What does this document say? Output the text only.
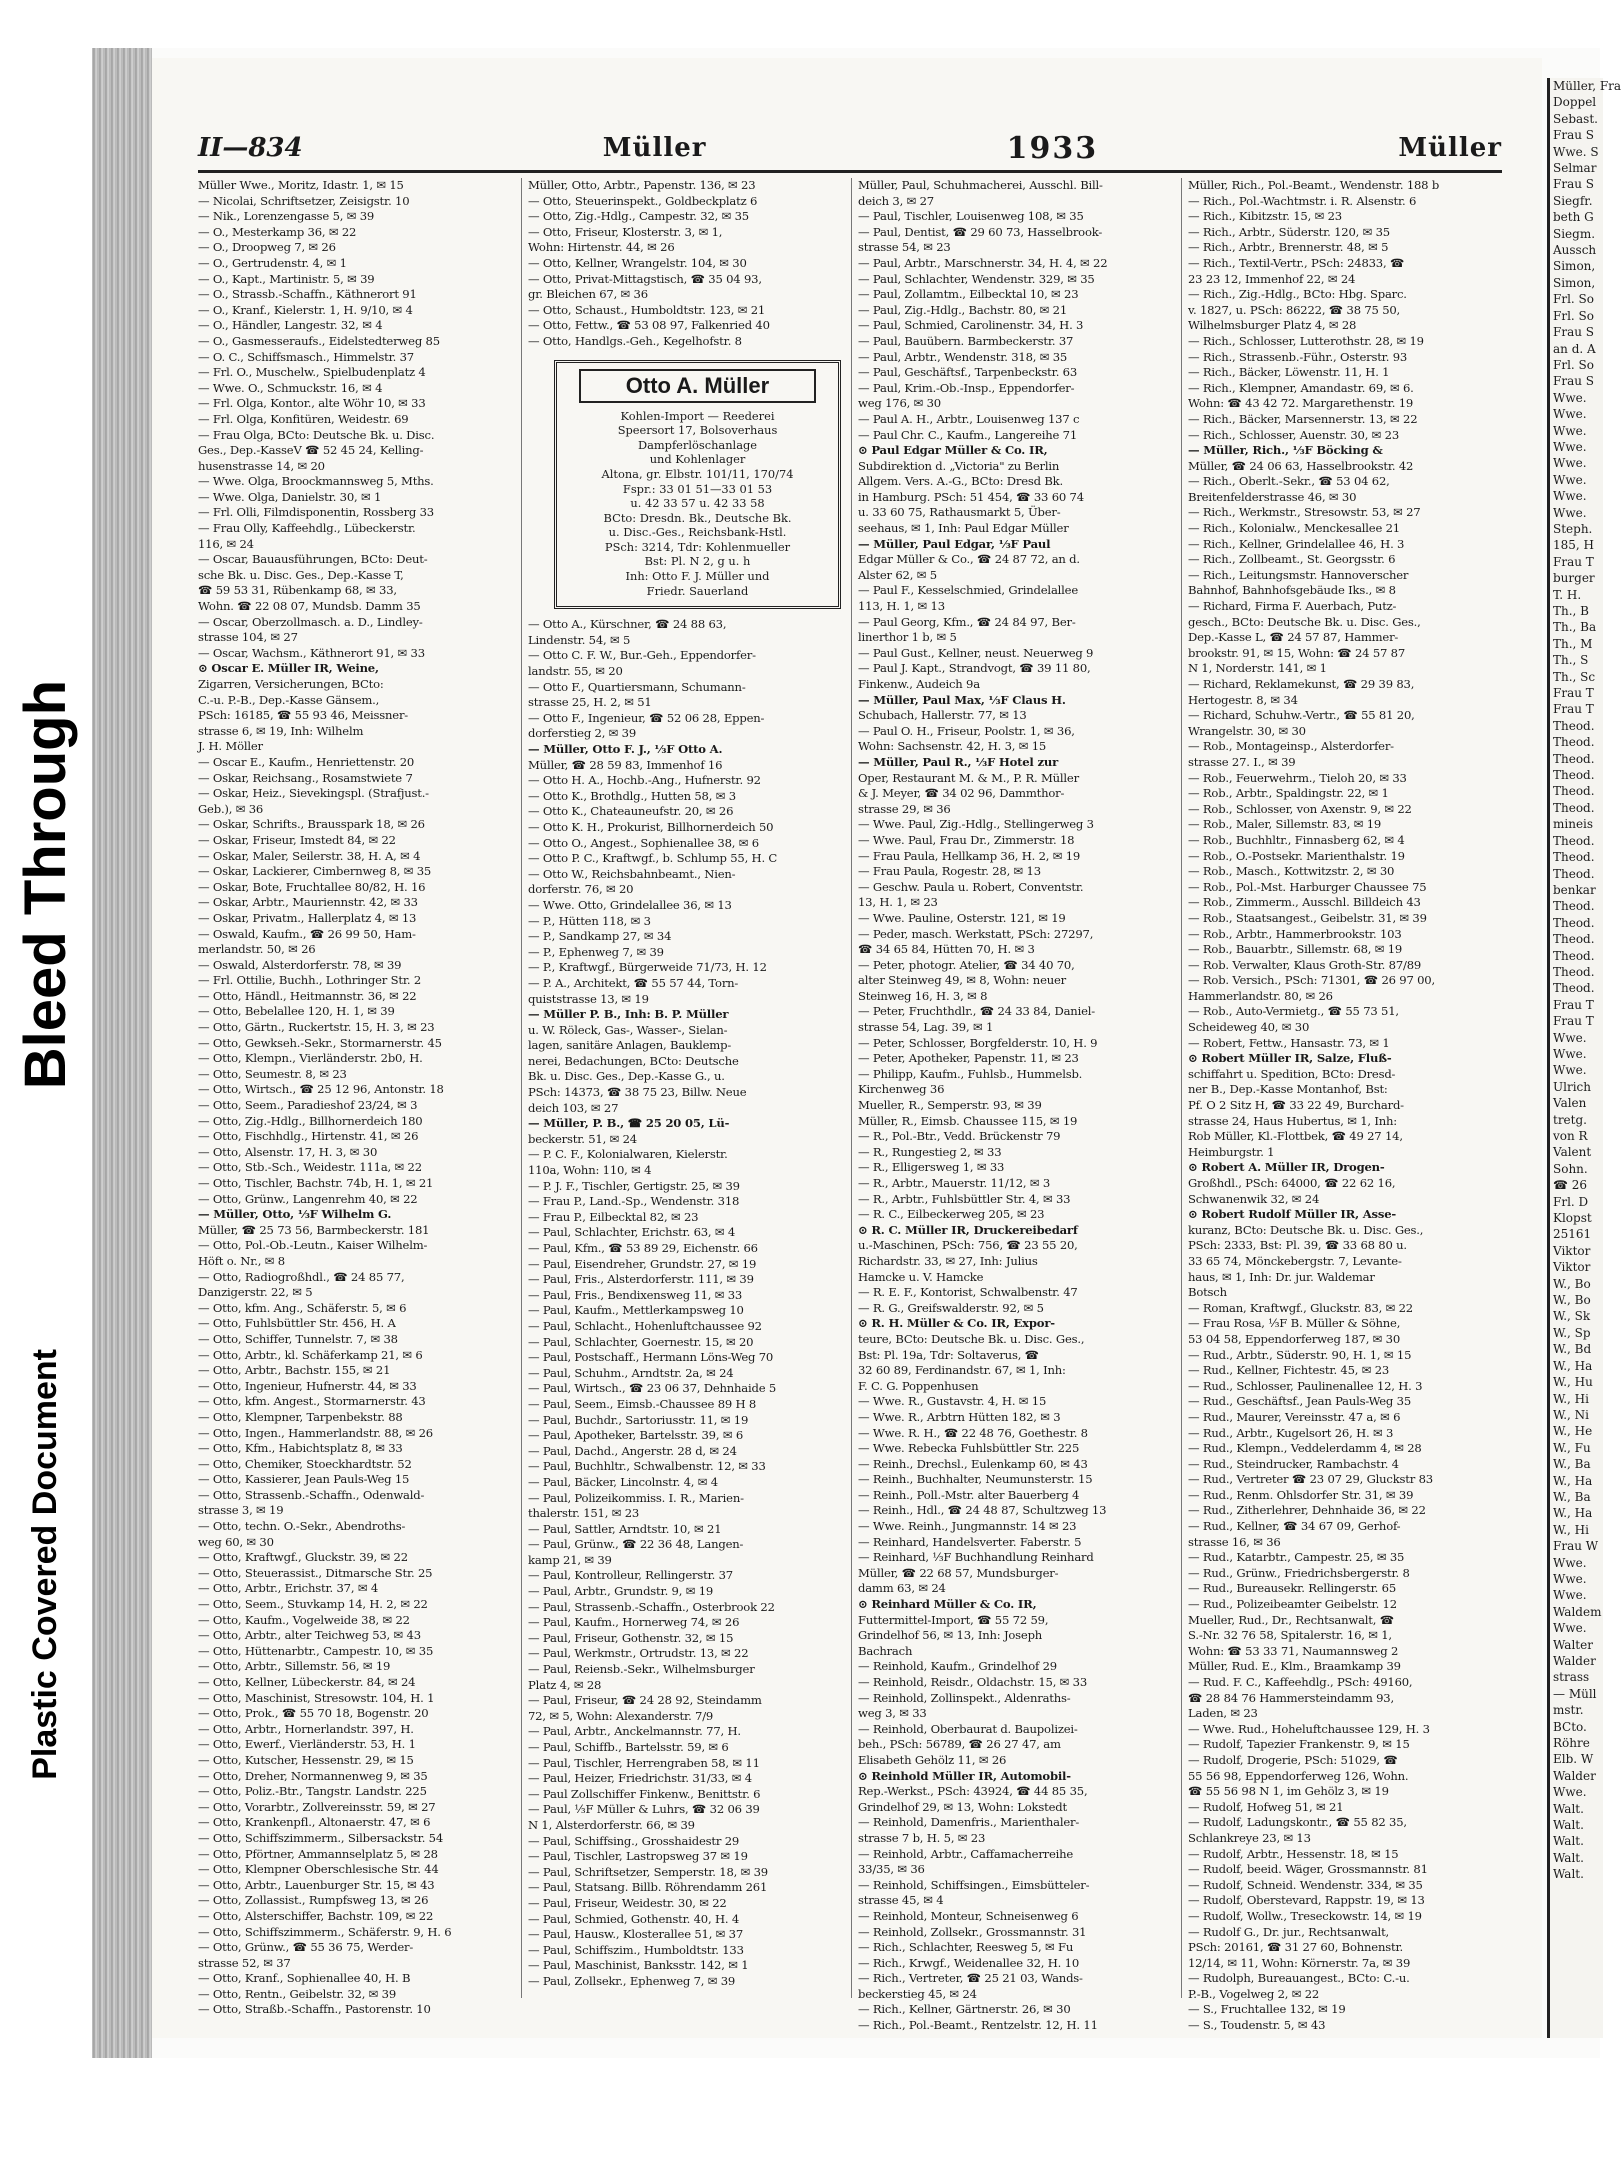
Bleed Through
Plastic Covered Document
II—834	Müller	1933	Müller
Müller Wwe., Moritz, Idastr. 1, ✉ 15
— Nicolai, Schriftsetzer, Zeisigstr. 10
— Nik., Lorenzengasse 5, ✉ 39
— O., Mesterkamp 36, ✉ 22
— O., Droopweg 7, ✉ 26
— O., Gertrudenstr. 4, ✉ 1
— O., Kapt., Martinistr. 5, ✉ 39
— O., Strassb.-Schaffn., Käthnerort 91
— O., Kranf., Kielerstr. 1, H. 9/10, ✉ 4
— O., Händler, Langestr. 32, ✉ 4
— O., Gasmesseraufs., Eidelstedterweg 85
— O. C., Schiffsmasch., Himmelstr. 37
— Frl. O., Muschelw., Spielbudenplatz 4
— Wwe. O., Schmuckstr. 16, ✉ 4
— Frl. Olga, Kontor., alte Wöhr 10, ✉ 33
— Frl. Olga, Konfitüren, Weidestr. 69
— Frau Olga, BCto: Deutsche Bk. u. Disc.
Ges., Dep.-KasseV ☎ 52 45 24, Kelling-
husenstrasse 14, ✉ 20
— Wwe. Olga, Broockmannsweg 5, Mths.
— Wwe. Olga, Danielstr. 30, ✉ 1
— Frl. Olli, Filmdisponentin, Rossberg 33
— Frau Olly, Kaffeehdlg., Lübeckerstr.
116, ✉ 24
— Oscar, Bauausführungen, BCto: Deut-
sche Bk. u. Disc. Ges., Dep.-Kasse T,
☎ 59 53 31, Rübenkamp 68, ✉ 33,
Wohn. ☎ 22 08 07, Mundsb. Damm 35
— Oscar, Oberzollmasch. a. D., Lindley-
strasse 104, ✉ 27
— Oscar, Wachsm., Käthnerort 91, ✉ 33
⊙ Oscar E. Müller IR, Weine,
Zigarren, Versicherungen, BCto:
C.-u. P.-B., Dep.-Kasse Gänsem.,
PSch: 16185, ☎ 55 93 46, Meissner-
strasse 6, ✉ 19, Inh: Wilhelm
J. H. Möller
— Oscar E., Kaufm., Henriettenstr. 20
— Oskar, Reichsang., Rosamstwiete 7
— Oskar, Heiz., Sievekingspl. (Strafjust.-
Geb.), ✉ 36
— Oskar, Schrifts., Brausspark 18, ✉ 26
— Oskar, Friseur, Imstedt 84, ✉ 22
— Oskar, Maler, Seilerstr. 38, H. A, ✉ 4
— Oskar, Lackierer, Cimbernweg 8, ✉ 35
— Oskar, Bote, Fruchtallee 80/82, H. 16
— Oskar, Arbtr., Mauriennstr. 42, ✉ 33
— Oskar, Privatm., Hallerplatz 4, ✉ 13
— Oswald, Kaufm., ☎ 26 99 50, Ham-
merlandstr. 50, ✉ 26
— Oswald, Alsterdorferstr. 78, ✉ 39
— Frl. Ottilie, Buchh., Lothringer Str. 2
— Otto, Händl., Heitmannstr. 36, ✉ 22
— Otto, Bebelallee 120, H. 1, ✉ 39
— Otto, Gärtn., Ruckertstr. 15, H. 3, ✉ 23
— Otto, Gewkseh.-Sekr., Stormarnerstr. 45
— Otto, Klempn., Vierländerstr. 2b0, H.
— Otto, Seumestr. 8, ✉ 23
— Otto, Wirtsch., ☎ 25 12 96, Antonstr. 18
— Otto, Seem., Paradieshof 23/24, ✉ 3
— Otto, Zig.-Hdlg., Billhornerdeich 180
— Otto, Fischhdlg., Hirtenstr. 41, ✉ 26
— Otto, Alsenstr. 17, H. 3, ✉ 30
— Otto, Stb.-Sch., Weidestr. 111a, ✉ 22
— Otto, Tischler, Bachstr. 74b, H. 1, ✉ 21
— Otto, Grünw., Langenrehm 40, ✉ 22
— Müller, Otto, ⅓F Wilhelm G.
Müller, ☎ 25 73 56, Barmbeckerstr. 181
— Otto, Pol.-Ob.-Leutn., Kaiser Wilhelm-
Höft o. Nr., ✉ 8
— Otto, Radiogroßhdl., ☎ 24 85 77,
Danzigerstr. 22, ✉ 5
— Otto, kfm. Ang., Schäferstr. 5, ✉ 6
— Otto, Fuhlsbüttler Str. 456, H. A
— Otto, Schiffer, Tunnelstr. 7, ✉ 38
— Otto, Arbtr., kl. Schäferkamp 21, ✉ 6
— Otto, Arbtr., Bachstr. 155, ✉ 21
— Otto, Ingenieur, Hufnerstr. 44, ✉ 33
— Otto, kfm. Angest., Stormarnerstr. 43
— Otto, Klempner, Tarpenbekstr. 88
— Otto, Ingen., Hammerlandstr. 88, ✉ 26
— Otto, Kfm., Habichtsplatz 8, ✉ 33
— Otto, Chemiker, Stoeckhardtstr. 52
— Otto, Kassierer, Jean Pauls-Weg 15
— Otto, Strassenb.-Schaffn., Odenwald-
strasse 3, ✉ 19
— Otto, techn. O.-Sekr., Abendroths-
weg 60, ✉ 30
— Otto, Kraftwgf., Gluckstr. 39, ✉ 22
— Otto, Steuerassist., Ditmarsche Str. 25
— Otto, Arbtr., Erichstr. 37, ✉ 4
— Otto, Seem., Stuvkamp 14, H. 2, ✉ 22
— Otto, Kaufm., Vogelweide 38, ✉ 22
— Otto, Arbtr., alter Teichweg 53, ✉ 43
— Otto, Hüttenarbtr., Campestr. 10, ✉ 35
— Otto, Arbtr., Sillemstr. 56, ✉ 19
— Otto, Kellner, Lübeckerstr. 84, ✉ 24
— Otto, Maschinist, Stresowstr. 104, H. 1
— Otto, Prok., ☎ 55 70 18, Bogenstr. 20
— Otto, Arbtr., Hornerlandstr. 397, H.
— Otto, Ewerf., Vierländerstr. 53, H. 1
— Otto, Kutscher, Hessenstr. 29, ✉ 15
— Otto, Dreher, Normannenweg 9, ✉ 35
— Otto, Poliz.-Btr., Tangstr. Landstr. 225
— Otto, Vorarbtr., Zollvereinsstr. 59, ✉ 27
— Otto, Krankenpfl., Altonaerstr. 47, ✉ 6
— Otto, Schiffszimmerm., Silbersackstr. 54
— Otto, Pförtner, Ammannselplatz 5, ✉ 28
— Otto, Klempner Oberschlesische Str. 44
— Otto, Arbtr., Lauenburger Str. 15, ✉ 43
— Otto, Zollassist., Rumpfsweg 13, ✉ 26
— Otto, Alsterschiffer, Bachstr. 109, ✉ 22
— Otto, Schiffszimmerm., Schäferstr. 9, H. 6
— Otto, Grünw., ☎ 55 36 75, Werder-
strasse 52, ✉ 37
— Otto, Kranf., Sophienallee 40, H. B
— Otto, Rentn., Geibelstr. 32, ✉ 39
— Otto, Straßb.-Schaffn., Pastorenstr. 10
Müller, Otto, Arbtr., Papenstr. 136, ✉ 23
— Otto, Steuerinspekt., Goldbeckplatz 6
— Otto, Zig.-Hdlg., Campestr. 32, ✉ 35
— Otto, Friseur, Klosterstr. 3, ✉ 1,
Wohn: Hirtenstr. 44, ✉ 26
— Otto, Kellner, Wrangelstr. 104, ✉ 30
— Otto, Privat-Mittagstisch, ☎ 35 04 93,
gr. Bleichen 67, ✉ 36
— Otto, Schaust., Humboldtstr. 123, ✉ 21
— Otto, Fettw., ☎ 53 08 97, Falkenried 40
— Otto, Handlgs.-Geh., Kegelhofstr. 8
Otto A. Müller
Kohlen-Import — Reederei
Speersort 17, Bolsoverhaus
Dampferlöschanlage
und Kohlenlager
Altona, gr. Elbstr. 101/11, 170/74
Fspr.: 33 01 51—33 01 53
u. 42 33 57 u. 42 33 58
BCto: Dresdn. Bk., Deutsche Bk.
u. Disc.-Ges., Reichsbank-Hstl.
PSch: 3214, Tdr: Kohlenmueller
Bst: Pl. N 2, g u. h
Inh: Otto F. J. Müller und
Friedr. Sauerland
— Otto A., Kürschner, ☎ 24 88 63,
Lindenstr. 54, ✉ 5
— Otto C. F. W., Bur.-Geh., Eppendorfer-
landstr. 55, ✉ 20
— Otto F., Quartiersmann, Schumann-
strasse 25, H. 2, ✉ 51
— Otto F., Ingenieur, ☎ 52 06 28, Eppen-
dorferstieg 2, ✉ 39
— Müller, Otto F. J., ⅓F Otto A.
Müller, ☎ 28 59 83, Immenhof 16
— Otto H. A., Hochb.-Ang., Hufnerstr. 92
— Otto K., Brothdlg., Hutten 58, ✉ 3
— Otto K., Chateauneufstr. 20, ✉ 26
— Otto K. H., Prokurist, Billhornerdeich 50
— Otto O., Angest., Sophienallee 38, ✉ 6
— Otto P. C., Kraftwgf., b. Schlump 55, H. C
— Otto W., Reichsbahnbeamt., Nien-
dorferstr. 76, ✉ 20
— Wwe. Otto, Grindelallee 36, ✉ 13
— P., Hütten 118, ✉ 3
— P., Sandkamp 27, ✉ 34
— P., Ephenweg 7, ✉ 39
— P., Kraftwgf., Bürgerweide 71/73, H. 12
— P. A., Architekt, ☎ 55 57 44, Torn-
quiststrasse 13, ✉ 19
— Müller P. B., Inh: B. P. Müller
u. W. Röleck, Gas-, Wasser-, Sielan-
lagen, sanitäre Anlagen, Bauklemp-
nerei, Bedachungen, BCto: Deutsche
Bk. u. Disc. Ges., Dep.-Kasse G., u.
PSch: 14373, ☎ 38 75 23, Billw. Neue
deich 103, ✉ 27
— Müller, P. B., ☎ 25 20 05, Lü-
beckerstr. 51, ✉ 24
— P. C. F., Kolonialwaren, Kielerstr.
110a, Wohn: 110, ✉ 4
— P. J. F., Tischler, Gertigstr. 25, ✉ 39
— Frau P., Land.-Sp., Wendenstr. 318
— Frau P., Eilbecktal 82, ✉ 23
— Paul, Schlachter, Erichstr. 63, ✉ 4
— Paul, Kfm., ☎ 53 89 29, Eichenstr. 66
— Paul, Eisendreher, Grundstr. 27, ✉ 19
— Paul, Fris., Alsterdorferstr. 111, ✉ 39
— Paul, Fris., Bendixensweg 11, ✉ 33
— Paul, Kaufm., Mettlerkampsweg 10
— Paul, Schlacht., Hohenluftchaussee 92
— Paul, Schlachter, Goernestr. 15, ✉ 20
— Paul, Postschaff., Hermann Löns-Weg 70
— Paul, Schuhm., Arndtstr. 2a, ✉ 24
— Paul, Wirtsch., ☎ 23 06 37, Dehnhaide 5
— Paul, Seem., Eimsb.-Chaussee 89 H 8
— Paul, Buchdr., Sartoriusstr. 11, ✉ 19
— Paul, Apotheker, Bartelsstr. 39, ✉ 6
— Paul, Dachd., Angerstr. 28 d, ✉ 24
— Paul, Buchhltr., Schwalbenstr. 12, ✉ 33
— Paul, Bäcker, Lincolnstr. 4, ✉ 4
— Paul, Polizeikommiss. I. R., Marien-
thalerstr. 151, ✉ 23
— Paul, Sattler, Arndtstr. 10, ✉ 21
— Paul, Grünw., ☎ 22 36 48, Langen-
kamp 21, ✉ 39
— Paul, Kontrolleur, Rellingerstr. 37
— Paul, Arbtr., Grundstr. 9, ✉ 19
— Paul, Strassenb.-Schaffn., Osterbrook 22
— Paul, Kaufm., Hornerweg 74, ✉ 26
— Paul, Friseur, Gothenstr. 32, ✉ 15
— Paul, Werkmstr., Ortrudstr. 13, ✉ 22
— Paul, Reiensb.-Sekr., Wilhelmsburger
Platz 4, ✉ 28
— Paul, Friseur, ☎ 24 28 92, Steindamm
72, ✉ 5, Wohn: Alexanderstr. 7/9
— Paul, Arbtr., Anckelmannstr. 77, H.
— Paul, Schiffb., Bartelsstr. 59, ✉ 6
— Paul, Tischler, Herrengraben 58, ✉ 11
— Paul, Heizer, Friedrichstr. 31/33, ✉ 4
— Paul Zollschiffer Finkenw., Benittstr. 6
— Paul, ⅓F Müller & Luhrs, ☎ 32 06 39
N 1, Alsterdorferstr. 66, ✉ 39
— Paul, Schiffsing., Grosshaidestr 29
— Paul, Tischler, Lastropsweg 37 ✉ 19
— Paul, Schriftsetzer, Semperstr. 18, ✉ 39
— Paul, Statsang. Billb. Röhrendamm 261
— Paul, Friseur, Weidestr. 30, ✉ 22
— Paul, Schmied, Gothenstr. 40, H. 4
— Paul, Hausw., Klosterallee 51, ✉ 37
— Paul, Schiffszim., Humboldtstr. 133
— Paul, Maschinist, Banksstr. 142, ✉ 1
— Paul, Zollsekr., Ephenweg 7, ✉ 39
Müller, Paul, Schuhmacherei, Ausschl. Bill-
deich 3, ✉ 27
— Paul, Tischler, Louisenweg 108, ✉ 35
— Paul, Dentist, ☎ 29 60 73, Hasselbrook-
strasse 54, ✉ 23
— Paul, Arbtr., Marschnerstr. 34, H. 4, ✉ 22
— Paul, Schlachter, Wendenstr. 329, ✉ 35
— Paul, Zollamtm., Eilbecktal 10, ✉ 23
— Paul, Zig.-Hdlg., Bachstr. 80, ✉ 21
— Paul, Schmied, Carolinenstr. 34, H. 3
— Paul, Bauübern. Barmbeckerstr. 37
— Paul, Arbtr., Wendenstr. 318, ✉ 35
— Paul, Geschäftsf., Tarpenbeckstr. 63
— Paul, Krim.-Ob.-Insp., Eppendorfer-
weg 176, ✉ 30
— Paul A. H., Arbtr., Louisenweg 137 c
— Paul Chr. C., Kaufm., Langereihe 71
⊙ Paul Edgar Müller & Co. IR,
Subdirektion d. „Victoria" zu Berlin
Allgem. Vers. A.-G., BCto: Dresd Bk.
in Hamburg. PSch: 51 454, ☎ 33 60 74
u. 33 60 75, Rathausmarkt 5, Über-
seehaus, ✉ 1, Inh: Paul Edgar Müller
— Müller, Paul Edgar, ⅓F Paul
Edgar Müller & Co., ☎ 24 87 72, an d.
Alster 62, ✉ 5
— Paul F., Kesselschmied, Grindelallee
113, H. 1, ✉ 13
— Paul Georg, Kfm., ☎ 24 84 97, Ber-
linerthor 1 b, ✉ 5
— Paul Gust., Kellner, neust. Neuerweg 9
— Paul J. Kapt., Strandvogt, ☎ 39 11 80,
Finkenw., Audeich 9a
— Müller, Paul Max, ⅓F Claus H.
Schubach, Hallerstr. 77, ✉ 13
— Paul O. H., Friseur, Poolstr. 1, ✉ 36,
Wohn: Sachsenstr. 42, H. 3, ✉ 15
— Müller, Paul R., ⅓F Hotel zur
Oper, Restaurant M. & M., P. R. Müller
& J. Meyer, ☎ 34 02 96, Dammthor-
strasse 29, ✉ 36
— Wwe. Paul, Zig.-Hdlg., Stellingerweg 3
— Wwe. Paul, Frau Dr., Zimmerstr. 18
— Frau Paula, Hellkamp 36, H. 2, ✉ 19
— Frau Paula, Rogestr. 28, ✉ 13
— Geschw. Paula u. Robert, Conventstr.
13, H. 1, ✉ 23
— Wwe. Pauline, Osterstr. 121, ✉ 19
— Peder, masch. Werkstatt, PSch: 27297,
☎ 34 65 84, Hütten 70, H. ✉ 3
— Peter, photogr. Atelier, ☎ 34 40 70,
alter Steinweg 49, ✉ 8, Wohn: neuer
Steinweg 16, H. 3, ✉ 8
— Peter, Fruchthdlr., ☎ 24 33 84, Daniel-
strasse 54, Lag. 39, ✉ 1
— Peter, Schlosser, Borgfelderstr. 10, H. 9
— Peter, Apotheker, Papenstr. 11, ✉ 23
— Philipp, Kaufm., Fuhlsb., Hummelsb.
Kirchenweg 36
Mueller, R., Semperstr. 93, ✉ 39
Müller, R., Eimsb. Chaussee 115, ✉ 19
— R., Pol.-Btr., Vedd. Brückenstr 79
— R., Rungestieg 2, ✉ 33
— R., Elligersweg 1, ✉ 33
— R., Arbtr., Mauerstr. 11/12, ✉ 3
— R., Arbtr., Fuhlsbüttler Str. 4, ✉ 33
— R. C., Eilbeckerweg 205, ✉ 23
⊙ R. C. Müller IR, Druckereibedarf
u.-Maschinen, PSch: 756, ☎ 23 55 20,
Richardstr. 33, ✉ 27, Inh: Julius
Hamcke u. V. Hamcke
— R. E. F., Kontorist, Schwalbenstr. 47
— R. G., Greifswalderstr. 92, ✉ 5
⊙ R. H. Müller & Co. IR, Expor-
teure, BCto: Deutsche Bk. u. Disc. Ges.,
Bst: Pl. 19a, Tdr: Soltaverus, ☎
32 60 89, Ferdinandstr. 67, ✉ 1, Inh:
F. C. G. Poppenhusen
— Wwe. R., Gustavstr. 4, H. ✉ 15
— Wwe. R., Arbtrn Hütten 182, ✉ 3
— Wwe. R. H., ☎ 22 48 76, Goethestr. 8
— Wwe. Rebecka Fuhlsbüttler Str. 225
— Reinh., Drechsl., Eulenkamp 60, ✉ 43
— Reinh., Buchhalter, Neumunsterstr. 15
— Reinh., Poll.-Mstr. alter Bauerberg 4
— Reinh., Hdl., ☎ 24 48 87, Schultzweg 13
— Wwe. Reinh., Jungmannstr. 14 ✉ 23
— Reinhard, Handelsverter. Faberstr. 5
— Reinhard, ⅓F Buchhandlung Reinhard
Müller, ☎ 22 68 57, Mundsburger-
damm 63, ✉ 24
⊙ Reinhard Müller & Co. IR,
Futtermittel-Import, ☎ 55 72 59,
Grindelhof 56, ✉ 13, Inh: Joseph
Bachrach
— Reinhold, Kaufm., Grindelhof 29
— Reinhold, Reisdr., Oldachstr. 15, ✉ 33
— Reinhold, Zollinspekt., Aldenraths-
weg 3, ✉ 33
— Reinhold, Oberbaurat d. Baupolizei-
beh., PSch: 56789, ☎ 26 27 47, am
Elisabeth Gehölz 11, ✉ 26
⊙ Reinhold Müller IR, Automobil-
Rep.-Werkst., PSch: 43924, ☎ 44 85 35,
Grindelhof 29, ✉ 13, Wohn: Lokstedt
— Reinhold, Damenfris., Marienthaler-
strasse 7 b, H. 5, ✉ 23
— Reinhold, Arbtr., Caffamacherreihe
33/35, ✉ 36
— Reinhold, Schiffsingen., Eimsbütteler-
strasse 45, ✉ 4
— Reinhold, Monteur, Schneisenweg 6
— Reinhold, Zollsekr., Grossmannstr. 31
— Rich., Schlachter, Reesweg 5, ✉ Fu
— Rich., Krwgf., Weidenallee 32, H. 10
— Rich., Vertreter, ☎ 25 21 03, Wands-
beckerstieg 45, ✉ 24
— Rich., Kellner, Gärtnerstr. 26, ✉ 30
— Rich., Pol.-Beamt., Rentzelstr. 12, H. 11
Müller, Rich., Pol.-Beamt., Wendenstr. 188 b
— Rich., Pol.-Wachtmstr. i. R. Alsenstr. 6
— Rich., Kibitzstr. 15, ✉ 23
— Rich., Arbtr., Süderstr. 120, ✉ 35
— Rich., Arbtr., Brennerstr. 48, ✉ 5
— Rich., Textil-Vertr., PSch: 24833, ☎
23 23 12, Immenhof 22, ✉ 24
— Rich., Zig.-Hdlg., BCto: Hbg. Sparc.
v. 1827, u. PSch: 86222, ☎ 38 75 50,
Wilhelmsburger Platz 4, ✉ 28
— Rich., Schlosser, Lutterothstr. 28, ✉ 19
— Rich., Strassenb.-Führ., Osterstr. 93
— Rich., Bäcker, Löwenstr. 11, H. 1
— Rich., Klempner, Amandastr. 69, ✉ 6.
Wohn: ☎ 43 42 72. Margarethenstr. 19
— Rich., Bäcker, Marsennerstr. 13, ✉ 22
— Rich., Schlosser, Auenstr. 30, ✉ 23
— Müller, Rich., ⅓F Böcking &
Müller, ☎ 24 06 63, Hasselbrookstr. 42
— Rich., Oberlt.-Sekr., ☎ 53 04 62,
Breitenfelderstrasse 46, ✉ 30
— Rich., Werkmstr., Stresowstr. 53, ✉ 27
— Rich., Kolonialw., Menckesallee 21
— Rich., Kellner, Grindelallee 46, H. 3
— Rich., Zollbeamt., St. Georgsstr. 6
— Rich., Leitungsmstr. Hannoverscher
Bahnhof, Bahnhofsgebäude Iks., ✉ 8
— Richard, Firma F. Auerbach, Putz-
gesch., BCto: Deutsche Bk. u. Disc. Ges.,
Dep.-Kasse L, ☎ 24 57 87, Hammer-
brookstr. 91, ✉ 15, Wohn: ☎ 24 57 87
N 1, Norderstr. 141, ✉ 1
— Richard, Reklamekunst, ☎ 29 39 83,
Hertogestr. 8, ✉ 34
— Richard, Schuhw.-Vertr., ☎ 55 81 20,
Wrangelstr. 30, ✉ 30
— Rob., Montageinsp., Alsterdorfer-
strasse 27. I., ✉ 39
— Rob., Feuerwehrm., Tieloh 20, ✉ 33
— Rob., Arbtr., Spaldingstr. 22, ✉ 1
— Rob., Schlosser, von Axenstr. 9, ✉ 22
— Rob., Maler, Sillemstr. 83, ✉ 19
— Rob., Buchhltr., Finnasberg 62, ✉ 4
— Rob., O.-Postsekr. Marienthalstr. 19
— Rob., Masch., Kottwitzstr. 2, ✉ 30
— Rob., Pol.-Mst. Harburger Chaussee 75
— Rob., Zimmerm., Ausschl. Billdeich 43
— Rob., Staatsangest., Geibelstr. 31, ✉ 39
— Rob., Arbtr., Hammerbrookstr. 103
— Rob., Bauarbtr., Sillemstr. 68, ✉ 19
— Rob. Verwalter, Klaus Groth-Str. 87/89
— Rob. Versich., PSch: 71301, ☎ 26 97 00,
Hammerlandstr. 80, ✉ 26
— Rob., Auto-Vermietg., ☎ 55 73 51,
Scheideweg 40, ✉ 30
— Robert, Fettw., Hansastr. 73, ✉ 1
⊙ Robert Müller IR, Salze, Fluß-
schiffahrt u. Spedition, BCto: Dresd-
ner B., Dep.-Kasse Montanhof, Bst:
Pf. O 2 Sitz H, ☎ 33 22 49, Burchard-
strasse 24, Haus Hubertus, ✉ 1, Inh:
Rob Müller, Kl.-Flottbek, ☎ 49 27 14,
Heimburgstr. 1
⊙ Robert A. Müller IR, Drogen-
Großhdl., PSch: 64000, ☎ 22 62 16,
Schwanenwik 32, ✉ 24
⊙ Robert Rudolf Müller IR, Asse-
kuranz, BCto: Deutsche Bk. u. Disc. Ges.,
PSch: 2333, Bst: Pl. 39, ☎ 33 68 80 u.
33 65 74, Mönckebergstr. 7, Levante-
haus, ✉ 1, Inh: Dr. jur. Waldemar
Botsch
— Roman, Kraftwgf., Gluckstr. 83, ✉ 22
— Frau Rosa, ⅓F B. Müller & Söhne,
53 04 58, Eppendorferweg 187, ✉ 30
— Rud., Arbtr., Süderstr. 90, H. 1, ✉ 15
— Rud., Kellner, Fichtestr. 45, ✉ 23
— Rud., Schlosser, Paulinenallee 12, H. 3
— Rud., Geschäftsf., Jean Pauls-Weg 35
— Rud., Maurer, Vereinsstr. 47 a, ✉ 6
— Rud., Arbtr., Kugelsort 26, H. ✉ 3
— Rud., Klempn., Veddelerdamm 4, ✉ 28
— Rud., Steindrucker, Rambachstr. 4
— Rud., Vertreter ☎ 23 07 29, Gluckstr 83
— Rud., Renm. Ohlsdorfer Str. 31, ✉ 39
— Rud., Zitherlehrer, Dehnhaide 36, ✉ 22
— Rud., Kellner, ☎ 34 67 09, Gerhof-
strasse 16, ✉ 36
— Rud., Katarbtr., Campestr. 25, ✉ 35
— Rud., Grünw., Friedrichsbergerstr. 8
— Rud., Bureausekr. Rellingerstr. 65
— Rud., Polizeibeamter Geibelstr. 12
Mueller, Rud., Dr., Rechtsanwalt, ☎
S.-Nr. 32 76 58, Spitalerstr. 16, ✉ 1,
Wohn: ☎ 53 33 71, Naumannsweg 2
Müller, Rud. E., Klm., Braamkamp 39
— Rud. F. C., Kaffeehdlg., PSch: 49160,
☎ 28 84 76 Hammersteindamm 93,
Laden, ✉ 23
— Wwe. Rud., Hoheluftchaussee 129, H. 3
— Rudolf, Tapezier Frankenstr. 9, ✉ 15
— Rudolf, Drogerie, PSch: 51029, ☎
55 56 98, Eppendorferweg 126, Wohn.
☎ 55 56 98 N 1, im Gehölz 3, ✉ 19
— Rudolf, Hofweg 51, ✉ 21
— Rudolf, Ladungskontr., ☎ 55 82 35,
Schlankreye 23, ✉ 13
— Rudolf, Arbtr., Hessenstr. 18, ✉ 15
— Rudolf, beeid. Wäger, Grossmannstr. 81
— Rudolf, Schneid. Wendenstr. 334, ✉ 35
— Rudolf, Oberstevard, Rappstr. 19, ✉ 13
— Rudolf, Wollw., Treseckowstr. 14, ✉ 19
— Rudolf G., Dr. jur., Rechtsanwalt,
PSch: 20161, ☎ 31 27 60, Bohnenstr.
12/14, ✉ 11, Wohn: Körnerstr. 7a, ✉ 39
— Rudolph, Bureauangest., BCto: C.-u.
P.-B., Vogelweg 2, ✉ 22
— S., Fruchtallee 132, ✉ 19
— S., Toudenstr. 5, ✉ 43
Müller, Fra
Doppel
Sebast.
Frau S
Wwe. S
Selmar
Frau S
Siegfr.
beth G
Siegm.
Aussch
Simon,
Simon,
Frl. So
Frl. So
Frau S
an d. A
Frl. So
Frau S
Wwe.
Wwe.
Wwe.
Wwe.
Wwe.
Wwe.
Wwe.
Wwe.
Steph.
185, H
Frau T
burger
T. H.
Th., B
Th., Ba
Th., M
Th., S
Th., Sc
Frau T
Frau T
Theod.
Theod.
Theod.
Theod.
Theod.
Theod.
mineis
Theod.
Theod.
Theod.
benkar
Theod.
Theod.
Theod.
Theod.
Theod.
Theod.
Frau T
Frau T
Wwe.
Wwe.
Wwe.
Ulrich
Valen
tretg.
von R
Valent
Sohn.
☎ 26
Frl. D
Klopst
25161
Viktor
Viktor
W., Bo
W., Bo
W., Sk
W., Sp
W., Bd
W., Ha
W., Hu
W., Hi
W., Ni
W., He
W., Fu
W., Ba
W., Ha
W., Ba
W., Ha
W., Hi
Frau W
Wwe.
Wwe.
Wwe.
Waldem
Wwe.
Walter
Walder
strass
— Müll
mstr.
BCto.
Röhre
Elb. W
Walder
Wwe.
Walt.
Walt.
Walt.
Walt.
Walt.
